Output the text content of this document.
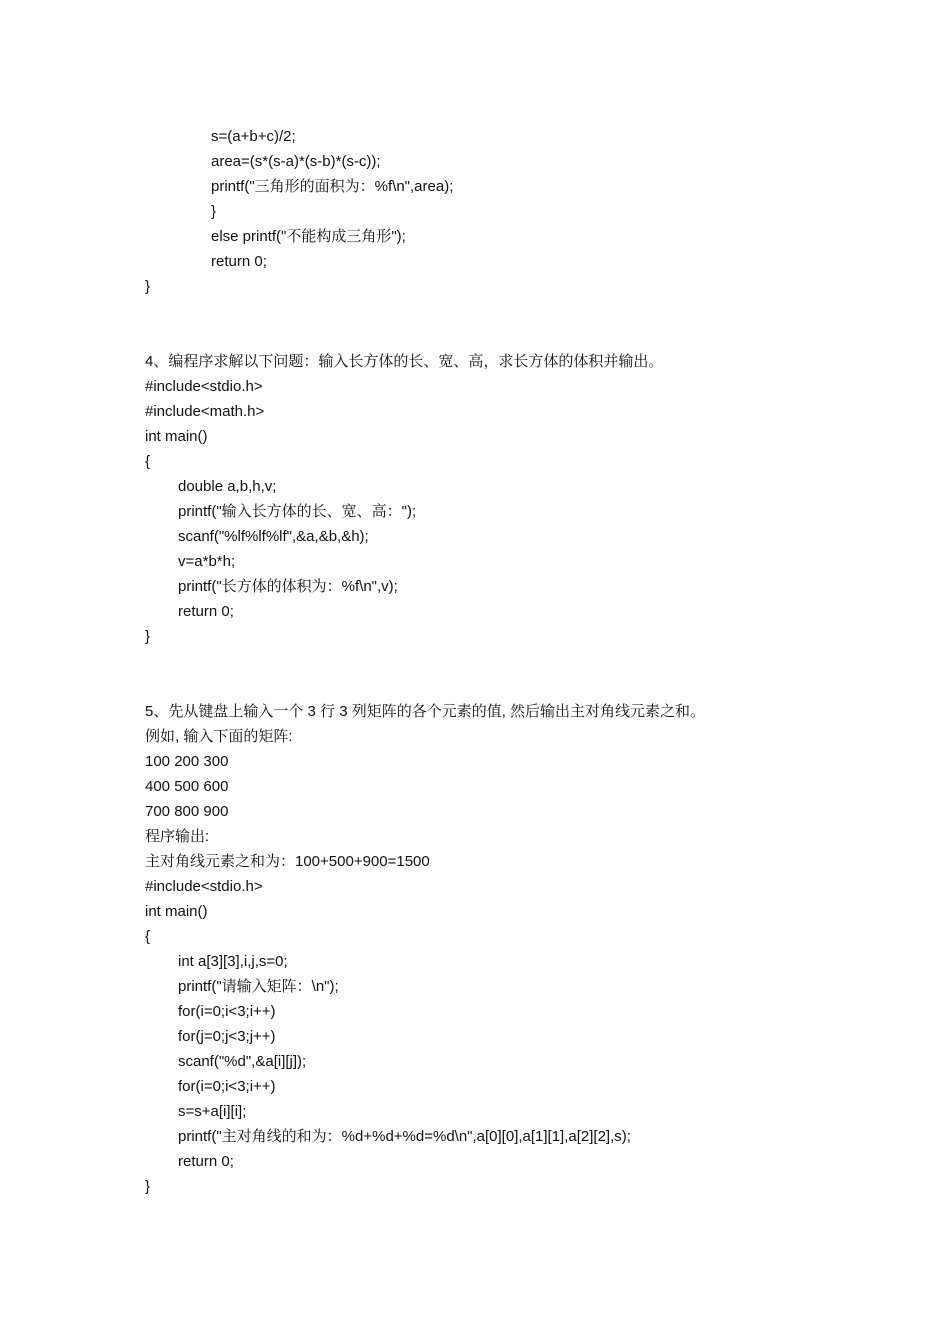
s=(a+b+c)/2;
area=(s*(s-a)*(s-b)*(s-c));
printf("三角形的面积为：%f\n",area);
}
else printf("不能构成三角形");
return 0;
}
4、编程序求解以下问题：输入长方体的长、宽、高，求长方体的体积并输出。
#include<stdio.h>
#include<math.h>
int main()
{
double a,b,h,v;
printf("输入长方体的长、宽、高：");
scanf("%lf%lf%lf",&a,&b,&h);
v=a*b*h;
printf("长方体的体积为：%f\n",v);
return 0;
}
5、先从键盘上输入一个 3 行 3 列矩阵的各个元素的值, 然后输出主对角线元素之和。
例如, 输入下面的矩阵:
100 200 300
400 500 600
700 800 900
程序输出:
主对角线元素之和为：100+500+900=1500
#include<stdio.h>
int main()
{
int a[3][3],i,j,s=0;
printf("请输入矩阵：\n");
for(i=0;i<3;i++)
for(j=0;j<3;j++)
scanf("%d",&a[i][j]);
for(i=0;i<3;i++)
s=s+a[i][i];
printf("主对角线的和为：%d+%d+%d=%d\n",a[0][0],a[1][1],a[2][2],s);
return 0;
}
